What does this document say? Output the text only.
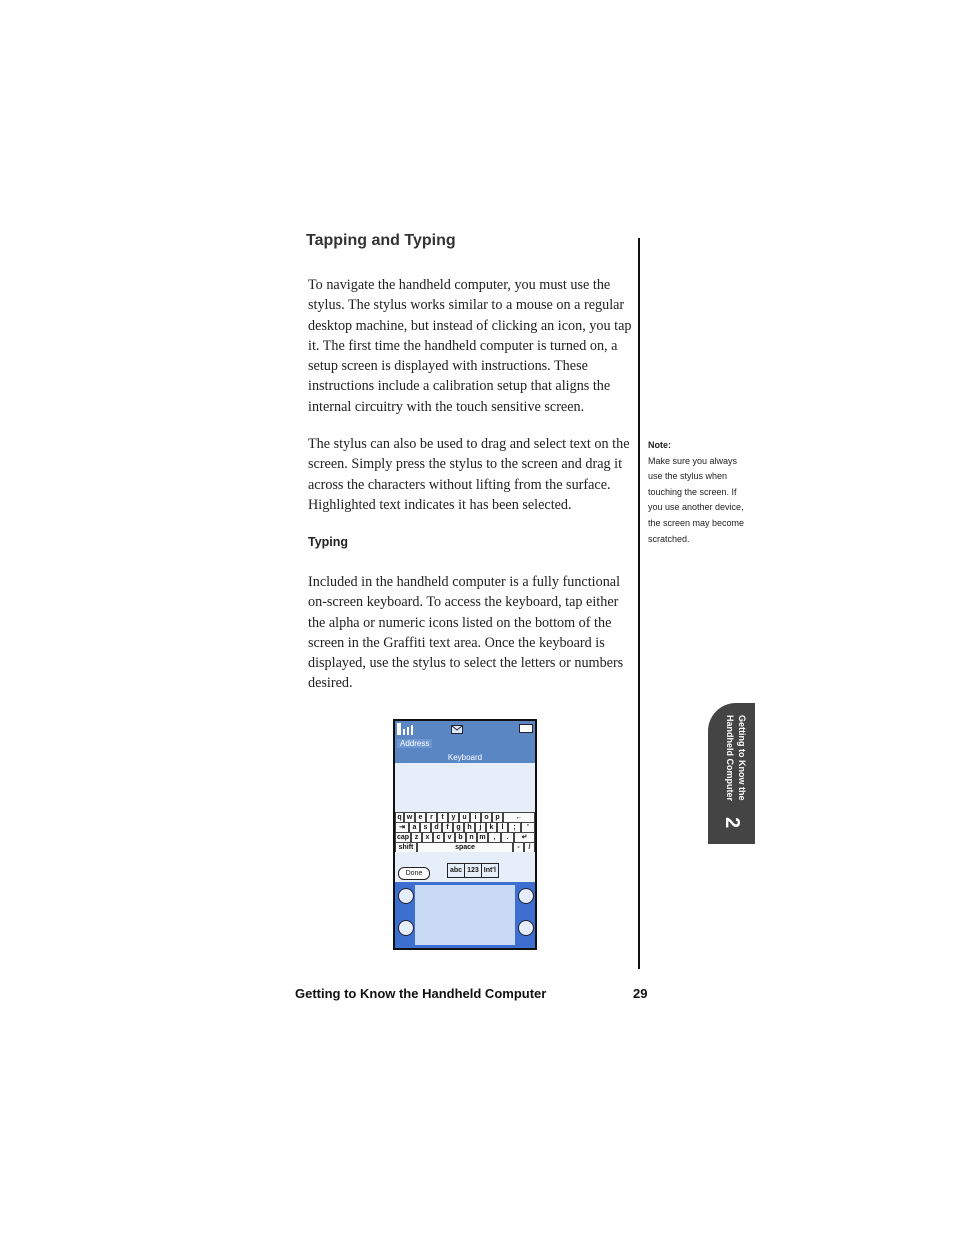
Tapping and Typing

To navigate the handheld computer, you must use the stylus. The stylus works similar to a mouse on a regular desktop machine, but instead of clicking an icon, you tap it. The first time the handheld computer is turned on, a setup screen is displayed with instructions. These instructions include a calibration setup that aligns the internal circuitry with the touch sensitive screen.

The stylus can also be used to drag and select text on the screen. Simply press the stylus to the screen and drag it across the characters without lifting from the surface. Highlighted text indicates it has been selected.

Typing

Included in the handheld computer is a fully functional on-screen keyboard. To access the keyboard, tap either the alpha or numeric icons listed on the bottom of the screen in the Graffiti text area. Once the keyboard is displayed, use the stylus to select the letters or numbers desired.

Note:
Make sure you always use the stylus when touching the screen. If you use another device, the screen may become scratched.
Getting to Know the Handheld Computer
2
Address
Keyboard
q w e	r	t	y u	i	o p	←
⇥	a	s d	f	g h	j	k	l	;	'
cap z	x	c	v b n m	,	.	↵
shift	space	-	/
Done	abc 123 Int'l
Getting to Know the Handheld Computer	29
